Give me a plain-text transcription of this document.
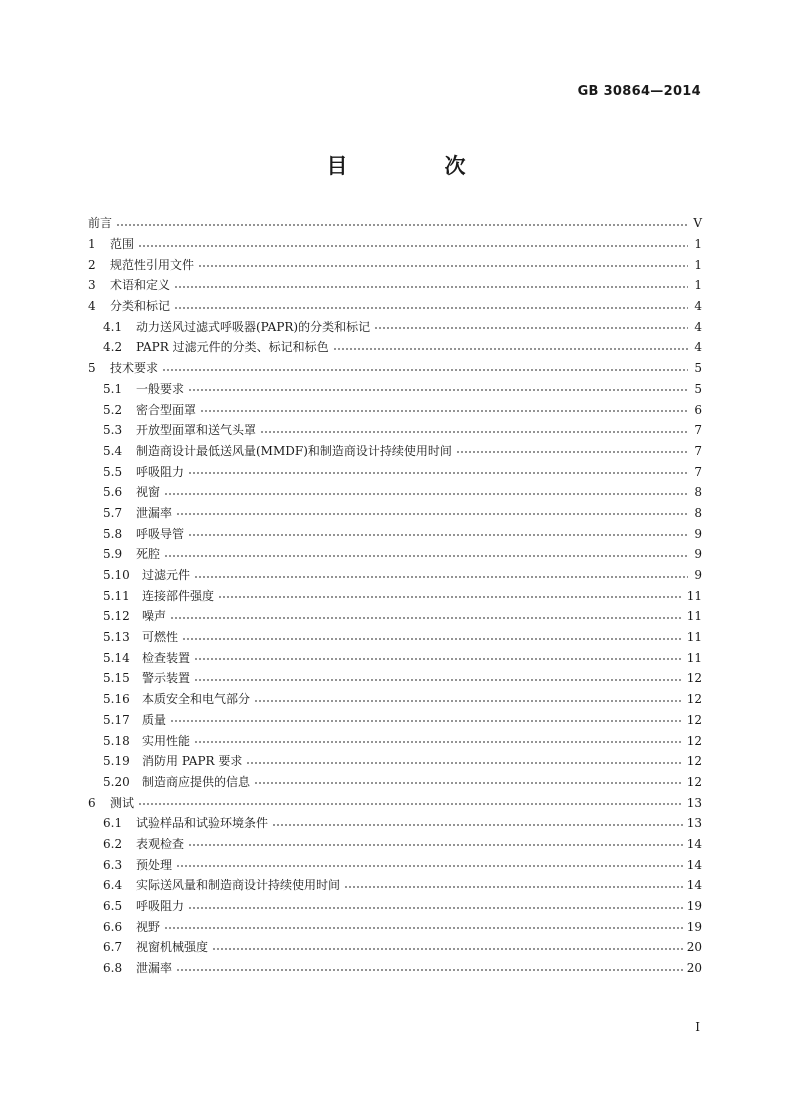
GB 30864—2014
目　次
前言	Ⅴ
1	范围	1
2	规范性引用文件	1
3	术语和定义	1
4	分类和标记	4
4.1	动力送风过滤式呼吸器(PAPR)的分类和标记	4
4.2	PAPR 过滤元件的分类、标记和标色	4
5	技术要求	5
5.1	一般要求	5
5.2	密合型面罩	6
5.3	开放型面罩和送气头罩	7
5.4	制造商设计最低送风量(MMDF)和制造商设计持续使用时间	7
5.5	呼吸阻力	7
5.6	视窗	8
5.7	泄漏率	8
5.8	呼吸导管	9
5.9	死腔	9
5.10	过滤元件	9
5.11	连接部件强度	11
5.12	噪声	11
5.13	可燃性	11
5.14	检查装置	11
5.15	警示装置	12
5.16	本质安全和电气部分	12
5.17	质量	12
5.18	实用性能	12
5.19	消防用 PAPR 要求	12
5.20	制造商应提供的信息	12
6	测试	13
6.1	试验样品和试验环境条件	13
6.2	表观检查	14
6.3	预处理	14
6.4	实际送风量和制造商设计持续使用时间	14
6.5	呼吸阻力	19
6.6	视野	19
6.7	视窗机械强度	20
6.8	泄漏率	20
I
